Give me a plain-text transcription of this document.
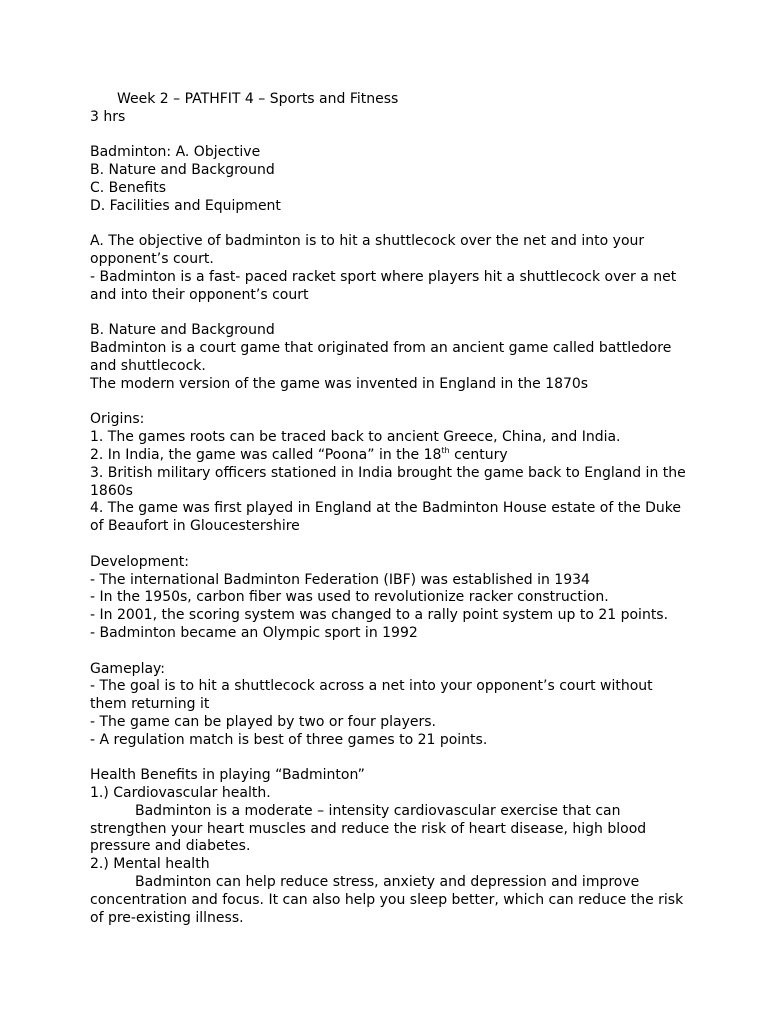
Week 2 – PATHFIT 4 – Sports and Fitness

3 hrs

Badminton: A. Objective

B. Nature and Background

C. Benefits

D. Facilities and Equipment

A. The objective of badminton is to hit a shuttlecock over the net and into your opponent’s court.

- Badminton is a fast- paced racket sport where players hit a shuttlecock over a net and into their opponent’s court

B. Nature and Background

Badminton is a court game that originated from an ancient game called battledore and shuttlecock.

The modern version of the game was invented in England in the 1870s

Origins:

1. The games roots can be traced back to ancient Greece, China, and India.

2. In India, the game was called “Poona” in the 18th century

3. British military officers stationed in India brought the game back to England in the 1860s

4. The game was first played in England at the Badminton House estate of the Duke of Beaufort in Gloucestershire

Development:

- The international Badminton Federation (IBF) was established in 1934

- In the 1950s, carbon fiber was used to revolutionize racker construction.

- In 2001, the scoring system was changed to a rally point system up to 21 points.

- Badminton became an Olympic sport in 1992

Gameplay:

- The goal is to hit a shuttlecock across a net into your opponent’s court without them returning it

- The game can be played by two or four players.

- A regulation match is best of three games to 21 points.

Health Benefits in playing “Badminton”

1.) Cardiovascular health.

Badminton is a moderate – intensity cardiovascular exercise that can strengthen your heart muscles and reduce the risk of heart disease, high blood pressure and diabetes.

2.) Mental health

Badminton can help reduce stress, anxiety and depression and improve concentration and focus. It can also help you sleep better, which can reduce the risk of pre-existing illness.
